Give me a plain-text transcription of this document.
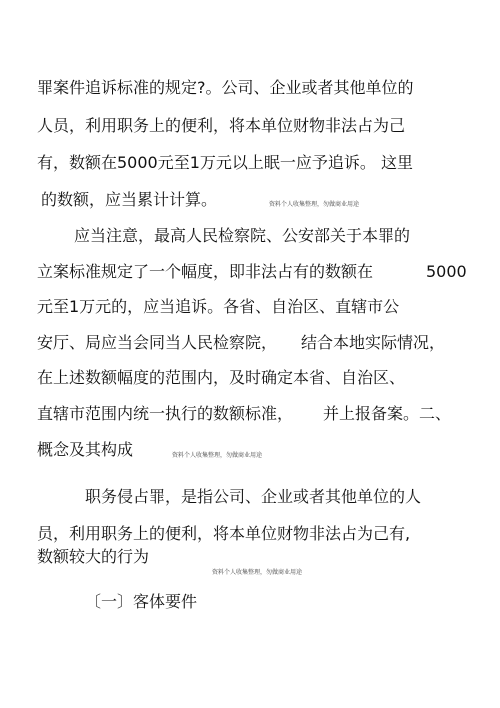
罪案件追诉标准的规定?。公司、企业或者其他单位的
人员，利用职务上的便利，将本单位财物非法占为己
有，数额在5000元至1万元以上眠一应予追诉。 这里
的数额，应当累计计算。	资料个人收集整理，勿做商业用途
应当注意，最高人民检察院、公安部关于本罪的
立案标准规定了一个幅度，即非法占有的数额在	5000
元至1万元的，应当追诉。各省、自治区、直辖市公
安厅、局应当会同当人民检察院， 结合本地实际情况，
在上述数额幅度的范围内，及时确定本省、自治区、
直辖市范围内统一执行的数额标准， 并上报备案。二、
概念及其构成	资料个人收集整理，勿做商业用途
职务侵占罪，是指公司、企业或者其他单位的人
员，利用职务上的便利，将本单位财物非法占为己有,
数额较大的行为
资料个人收集整理，勿做商业用途
〔一〕客体要件
